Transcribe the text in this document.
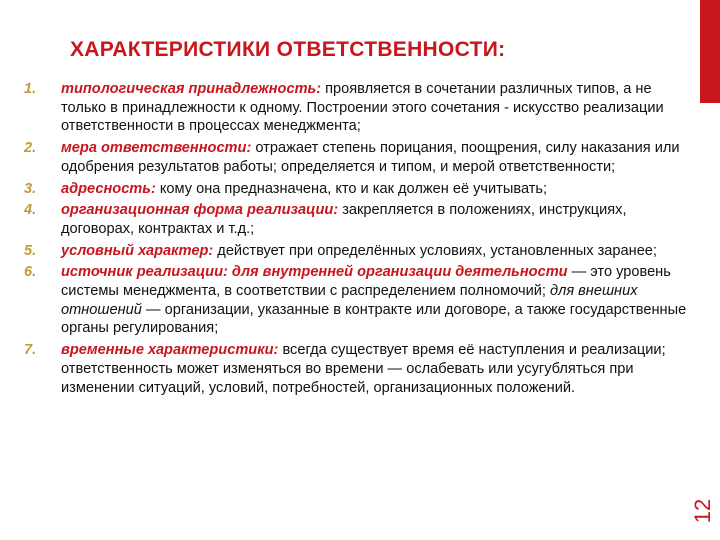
ХАРАКТЕРИСТИКИ ОТВЕТСТВЕННОСТИ:
1. типологическая принадлежность: проявляется в сочетании различных типов, а не только в принадлежности к одному. Построении этого сочетания - искусство реализации ответственности в процессах менеджмента;
2. мера ответственности: отражает степень порицания, поощрения, силу наказания или одобрения результатов работы; определяется и типом, и мерой ответственности;
3. адресность: кому она предназначена, кто и как должен её учитывать;
4. организационная форма реализации: закрепляется в положениях, инструкциях, договорах, контрактах и т.д.;
5. условный характер: действует при определённых условиях, установленных заранее;
6. источник реализации: для внутренней организации деятельности — это уровень системы менеджмента, в соответствии с распределением полномочий; для внешних отношений — организации, указанные в контракте или договоре, а также государственные органы регулирования;
7. временные характеристики: всегда существует время её наступления и реализации; ответственность может изменяться во времени — ослабевать или усугубляться при изменении ситуаций, условий, потребностей, организационных положений.
12
